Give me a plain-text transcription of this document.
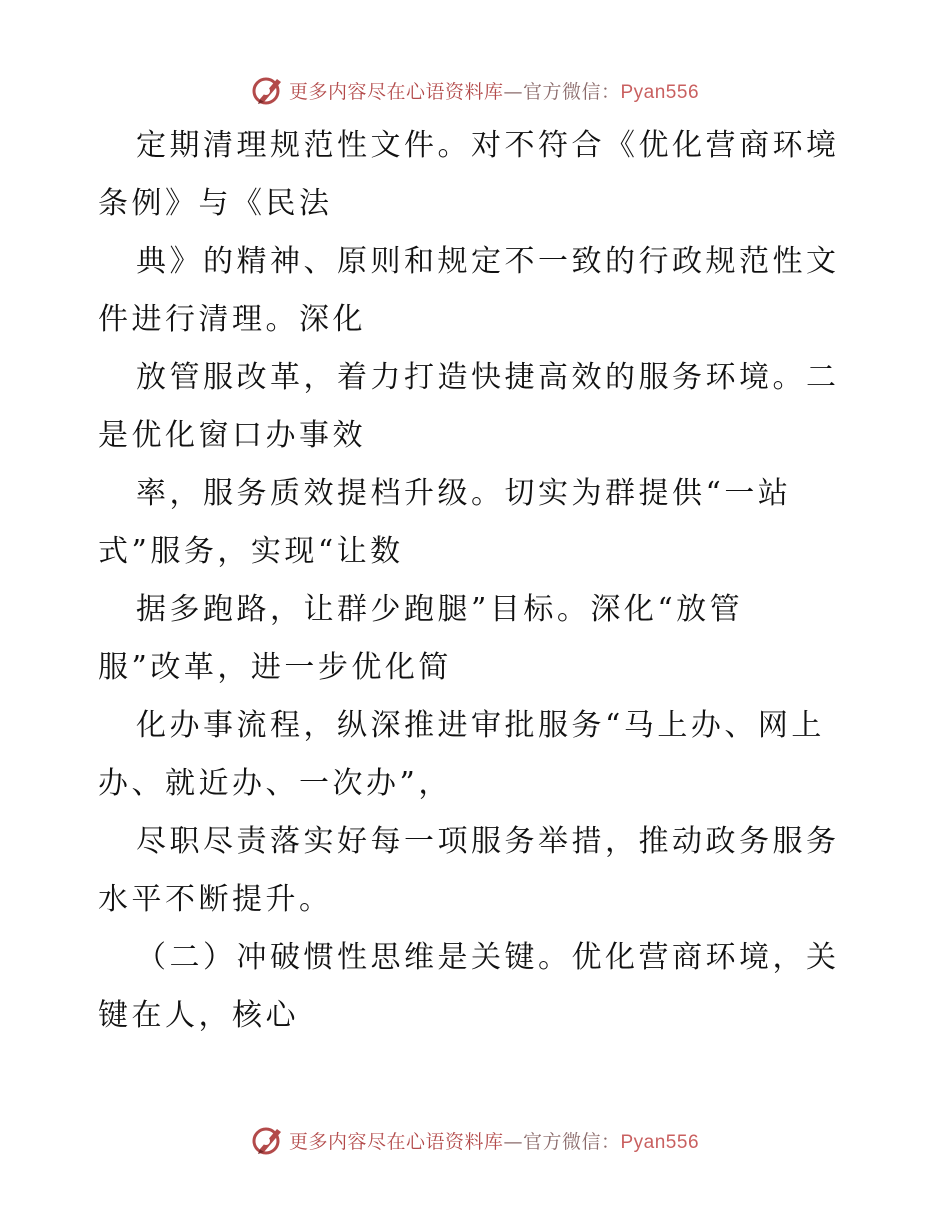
更多内容尽在心语资料库—官方微信：Pyan556
定期清理规范性文件。对不符合《优化营商环境
条例》与《民法
典》的精神、原则和规定不一致的行政规范性文
件进行清理。深化
放管服改革，着力打造快捷高效的服务环境。二
是优化窗口办事效
率，服务质效提档升级。切实为群提供“一站
式”服务，实现“让数
据多跑路，让群少跑腿”目标。深化“放管
服”改革，进一步优化简
化办事流程，纵深推进审批服务“马上办、网上
办、就近办、一次办”，
尽职尽责落实好每一项服务举措，推动政务服务
水平不断提升。
（二）冲破惯性思维是关键。优化营商环境，关
键在人，核心
更多内容尽在心语资料库—官方微信：Pyan556
